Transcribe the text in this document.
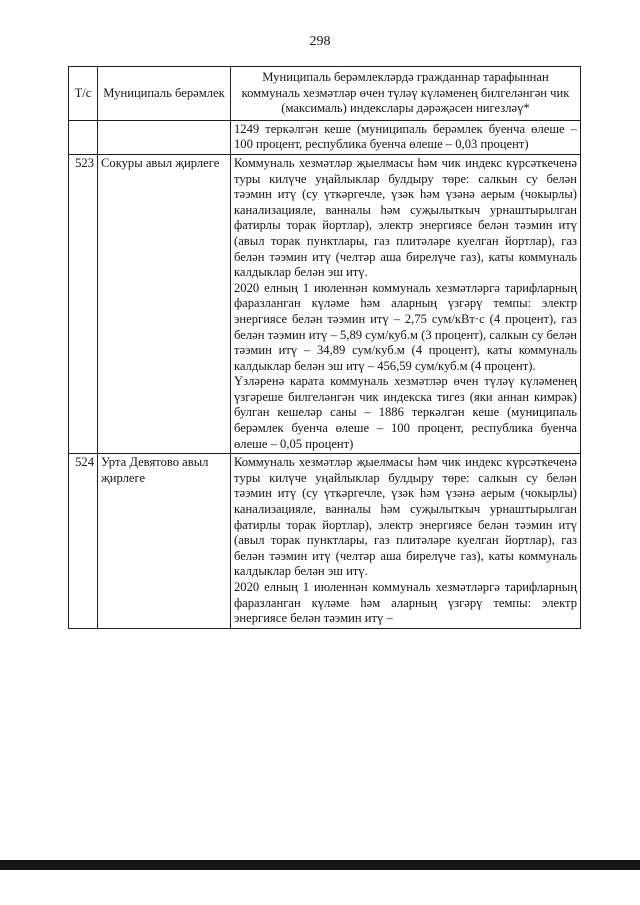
298
Т/с	Муниципаль берәмлек	Муниципаль берәмлекләрдә гражданнар тарафыннан коммуналь хезмәтләр өчен түләү күләменең билгеләнгән чик (максималь) индекслары дәрәҗәсен нигезләү*
		1249 теркәлгән кеше (муниципаль берәмлек буенча өлеше – 100 процент, республика буенча өлеше – 0,03 процент)
523	Сокуры авыл җирлеге	Коммуналь хезмәтләр җыелмасы һәм чик индекс күрсәткеченә туры килүче уңайлыклар булдыру төре: салкын су белән тәэмин итү (су үткәргечле, үзәк һәм үзәнә аерым (чокырлы) канализацияле, ванналы һәм суҗылыткыч урнаштырылган фатирлы торак йортлар), электр энергиясе белән тәэмин итү (авыл торак пунктлары, газ плитәләре куелган йортлар), газ белән тәэмин итү (челтәр аша бирелүче газ), каты коммуналь калдыклар белән эш итү.

2020 елның 1 июленнән коммуналь хезмәтләргә тарифларның фаразланган күләме һәм аларның үзгәрү темпы: электр энергиясе белән тәэмин итү – 2,75 сум/кВт·с (4 процент), газ белән тәэмин итү – 5,89 сум/куб.м (3 процент), салкын су белән тәэмин итү – 34,89 сум/куб.м (4 процент), каты коммуналь калдыклар белән эш итү – 456,59 сум/куб.м (4 процент).

Үзләренә карата коммуналь хезмәтләр өчен түләү күләменең үзгәреше билгеләнгән чик индекска тигез (яки аннан кимрәк) булган кешеләр саны – 1886 теркәлгән кеше (муниципаль берәмлек буенча өлеше – 100 процент, республика буенча өлеше – 0,05 процент)

524	Урта Девятово авыл җирлеге	Коммуналь хезмәтләр җыелмасы һәм чик индекс күрсәткеченә туры килүче уңайлыклар булдыру төре: салкын су белән тәэмин итү (су үткәргечле, үзәк һәм үзәнә аерым (чокырлы) канализацияле, ванналы һәм суҗылыткыч урнаштырылган фатирлы торак йортлар), электр энергиясе белән тәэмин итү (авыл торак пунктлары, газ плитәләре куелган йортлар), газ белән тәэмин итү (челтәр аша бирелүче газ), каты коммуналь калдыклар белән эш итү.

2020 елның 1 июленнән коммуналь хезмәтләргә тарифларның фаразланган күләме һәм аларның үзгәрү темпы: электр энергиясе белән тәэмин итү –
